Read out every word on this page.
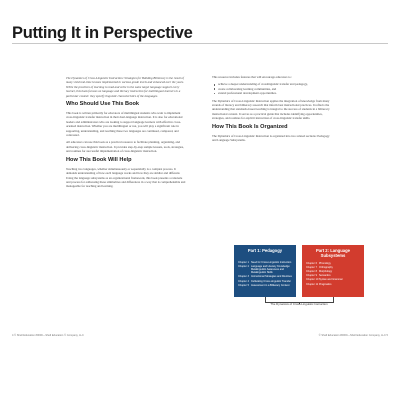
Putting It in Perspective

The Dynamics of Cross-Linguistic Instruction: Strategies for Building Biliteracy is the result of many vivid real-time lessons implemented in various grade levels and enhanced over the years. While the practices of learning to read and write in the same target language support every learner, this book focuses on language and literacy instruction for multilingual learners in a particular context: they specify linguistic characteristics of the languages.

Who Should Use This Book

This book is written primarily for educators of multilingual students who want to implement cross-linguistic transfer instruction in their dual-language instruction. It is also for educational leaders and administrators who are looking to support language learners with effective cross-oriented instruction. Whether you are multilingual or not, you will play a significant role in supporting, understanding, and teaching these two languages are continued, compared, and contrasted.

All educators can use this book as a practical resource to facilitate planning, organizing, and delivering cross-linguistic instruction. It provides step-by-step sample lessons, tools, strategies, and routines for successful implementation of cross-linguistic instruction.

How This Book Will Help

Teaching two languages, whether simultaneously or sequentially is a complex process. It demands understanding of how each language works and how they are similar and different. Using the language subsystems as an organizational framework, this book presents a rationale and process for addressing these similarities and differences in a way that is comprehensible and manageable for teaching and learning.

This resource includes features that will encourage educators to:

achieve a deeper understanding of crosslinguistic transfer and pedagogy,
create collaborating learning communities, and
extend professional development opportunities.

The Dynamics of Cross-Linguistic Instruction applies the integration of knowledge from many strands of literacy and biliteracy research that inform best instructional practices. It reflects the understanding that standards-based teaching is integral to the success of students in a biliteracy instructional context. It serves as a practical guide that includes identifying opportunities, strategies, and routines for explicit instruction of cross-linguistic transfer skills.

How This Book Is Organized

The Dynamics of Cross-Linguistic Instruction is organized into two related sections: Pedagogy and Language Subsystems.

Part 1: Pedagogy
Chapter 1 Need for Cross-Linguistic Instruction
Chapter 2 Language and Literacy Knowledge: Metalinguistic Awareness and Metalinguistic Skills
Chapter 3 Instructional Strategies and Routines
Chapter 4 Cultivating Cross-Linguistic Transfer
Chapter 5 Assessment in a Biliteracy Context
Part 2: Language Subsystems
Chapter 6 Phonology
Chapter 7 Orthography
Chapter 8 Morphology
Chapter 9 Semantics
Chapter 10 Syntax and Grammar
Chapter 11 Pragmatics
The Dynamics of Cross-Linguistic Instruction
4 © Shell Education #0000—Shell Education © Company, LLC	© Shell Education #0000—Shell Education Company, LLC 5
